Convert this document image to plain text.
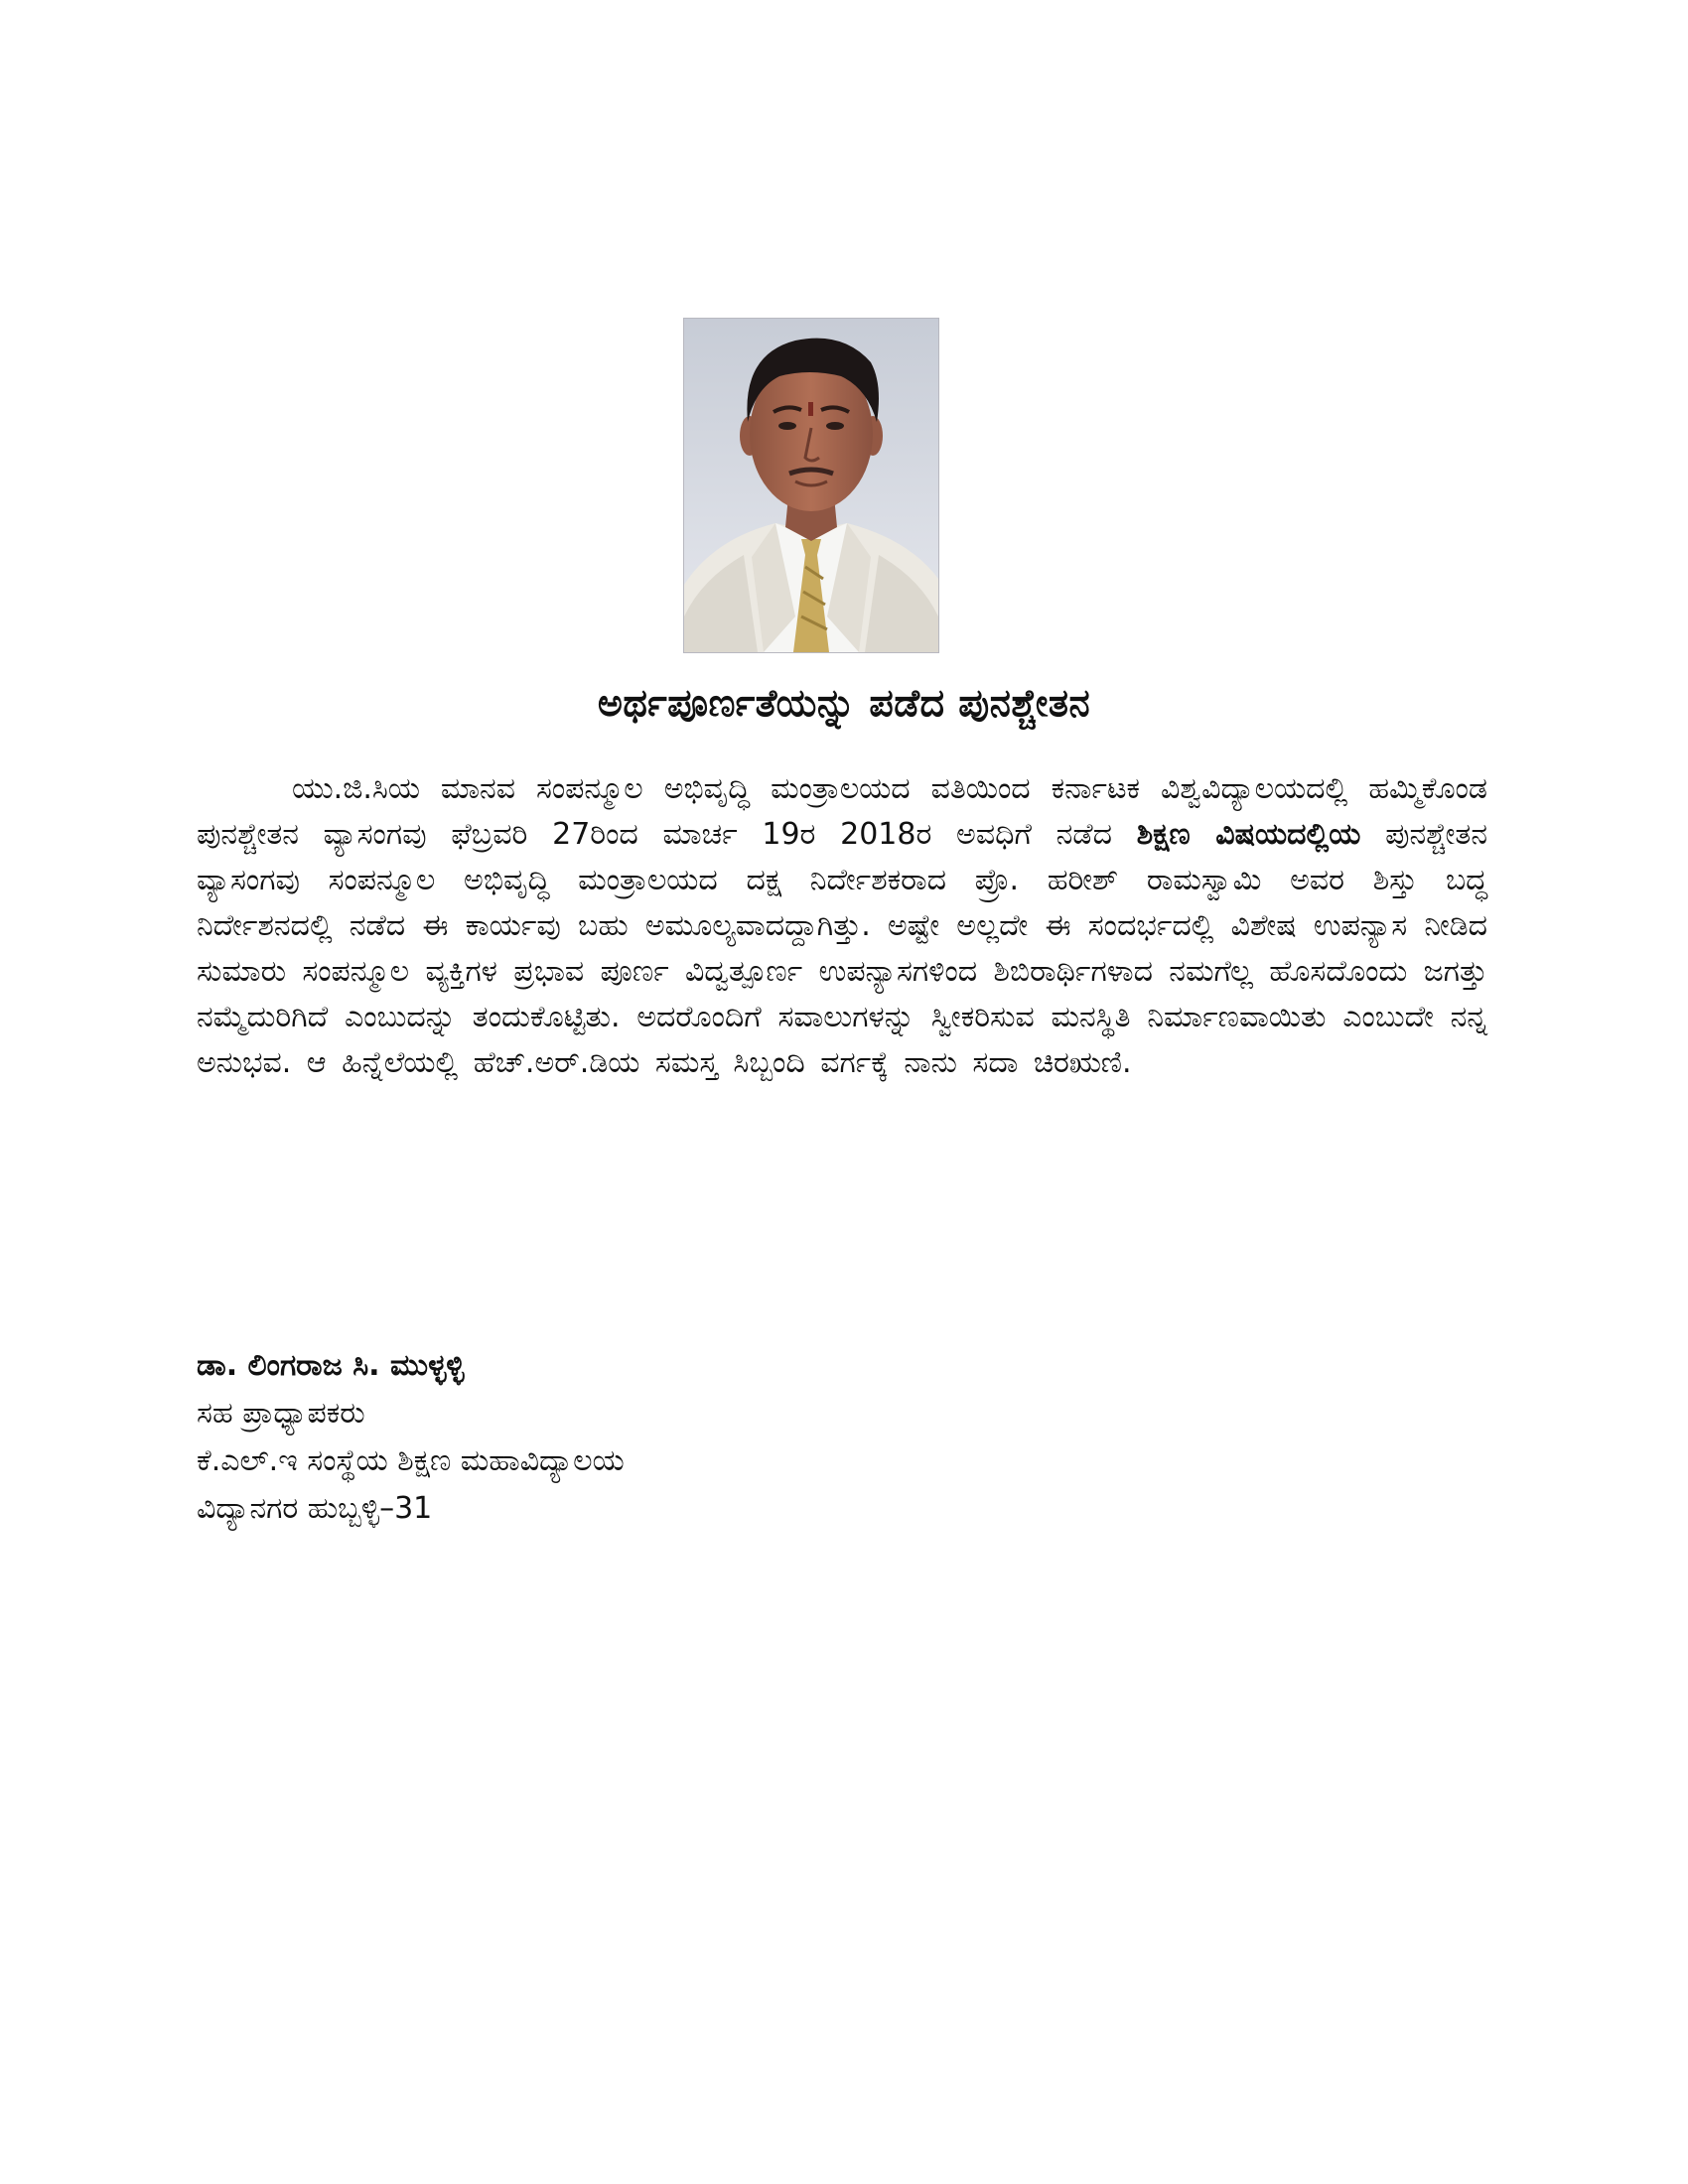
ಅರ್ಥಪೂರ್ಣತೆಯನ್ನು ಪಡೆದ ಪುನಶ್ಚೇತನ

ಯು.ಜಿ.ಸಿಯ ಮಾನವ ಸಂಪನ್ಮೂಲ ಅಭಿವೃದ್ಧಿ ಮಂತ್ರಾಲಯದ ವತಿಯಿಂದ ಕರ್ನಾಟಕ ವಿಶ್ವವಿದ್ಯಾಲಯದಲ್ಲಿ ಹಮ್ಮಿಕೊಂಡ ಪುನಶ್ಚೇತನ ವ್ಯಾಸಂಗವು ಫೆಬ್ರವರಿ 27ರಿಂದ ಮಾರ್ಚ 19ರ 2018ರ ಅವಧಿಗೆ ನಡೆದ ಶಿಕ್ಷಣ ವಿಷಯದಲ್ಲಿಯ ಪುನಶ್ಚೇತನ ವ್ಯಾಸಂಗವು ಸಂಪನ್ಮೂಲ ಅಭಿವೃದ್ಧಿ ಮಂತ್ರಾಲಯದ ದಕ್ಷ ನಿರ್ದೇಶಕರಾದ ಪ್ರೊ. ಹರೀಶ್ ರಾಮಸ್ವಾಮಿ ಅವರ ಶಿಸ್ತು ಬದ್ಧ ನಿರ್ದೇಶನದಲ್ಲಿ ನಡೆದ ಈ ಕಾರ್ಯವು ಬಹು ಅಮೂಲ್ಯವಾದದ್ದಾಗಿತ್ತು. ಅಷ್ಟೇ ಅಲ್ಲದೇ ಈ ಸಂದರ್ಭದಲ್ಲಿ ವಿಶೇಷ ಉಪನ್ಯಾಸ ನೀಡಿದ ಸುಮಾರು ಸಂಪನ್ಮೂಲ ವ್ಯಕ್ತಿಗಳ ಪ್ರಭಾವ ಪೂರ್ಣ ವಿದ್ವತ್ಪೂರ್ಣ ಉಪನ್ಯಾಸಗಳಿಂದ ಶಿಬಿರಾರ್ಥಿಗಳಾದ ನಮಗೆಲ್ಲ ಹೊಸದೊಂದು ಜಗತ್ತು ನಮ್ಮೆದುರಿಗಿದೆ ಎಂಬುದನ್ನು ತಂದುಕೊಟ್ಟಿತು. ಅದರೊಂದಿಗೆ ಸವಾಲುಗಳನ್ನು ಸ್ವೀಕರಿಸುವ ಮನಸ್ಥಿತಿ ನಿರ್ಮಾಣವಾಯಿತು ಎಂಬುದೇ ನನ್ನ ಅನುಭವ. ಆ ಹಿನ್ನೆಲೆಯಲ್ಲಿ ಹೆಚ್.ಅರ್.ಡಿಯ ಸಮಸ್ತ ಸಿಬ್ಬಂದಿ ವರ್ಗಕ್ಕೆ ನಾನು ಸದಾ ಚಿರಋಣಿ.

ಡಾ. ಲಿಂಗರಾಜ ಸಿ. ಮುಳ್ಳಳ್ಳಿ
ಸಹ ಪ್ರಾಧ್ಯಾಪಕರು
ಕೆ.ಎಲ್.ಇ ಸಂಸ್ಥೆಯ ಶಿಕ್ಷಣ ಮಹಾವಿದ್ಯಾಲಯ
ವಿದ್ಯಾನಗರ ಹುಬ್ಬಳ್ಳಿ–31
